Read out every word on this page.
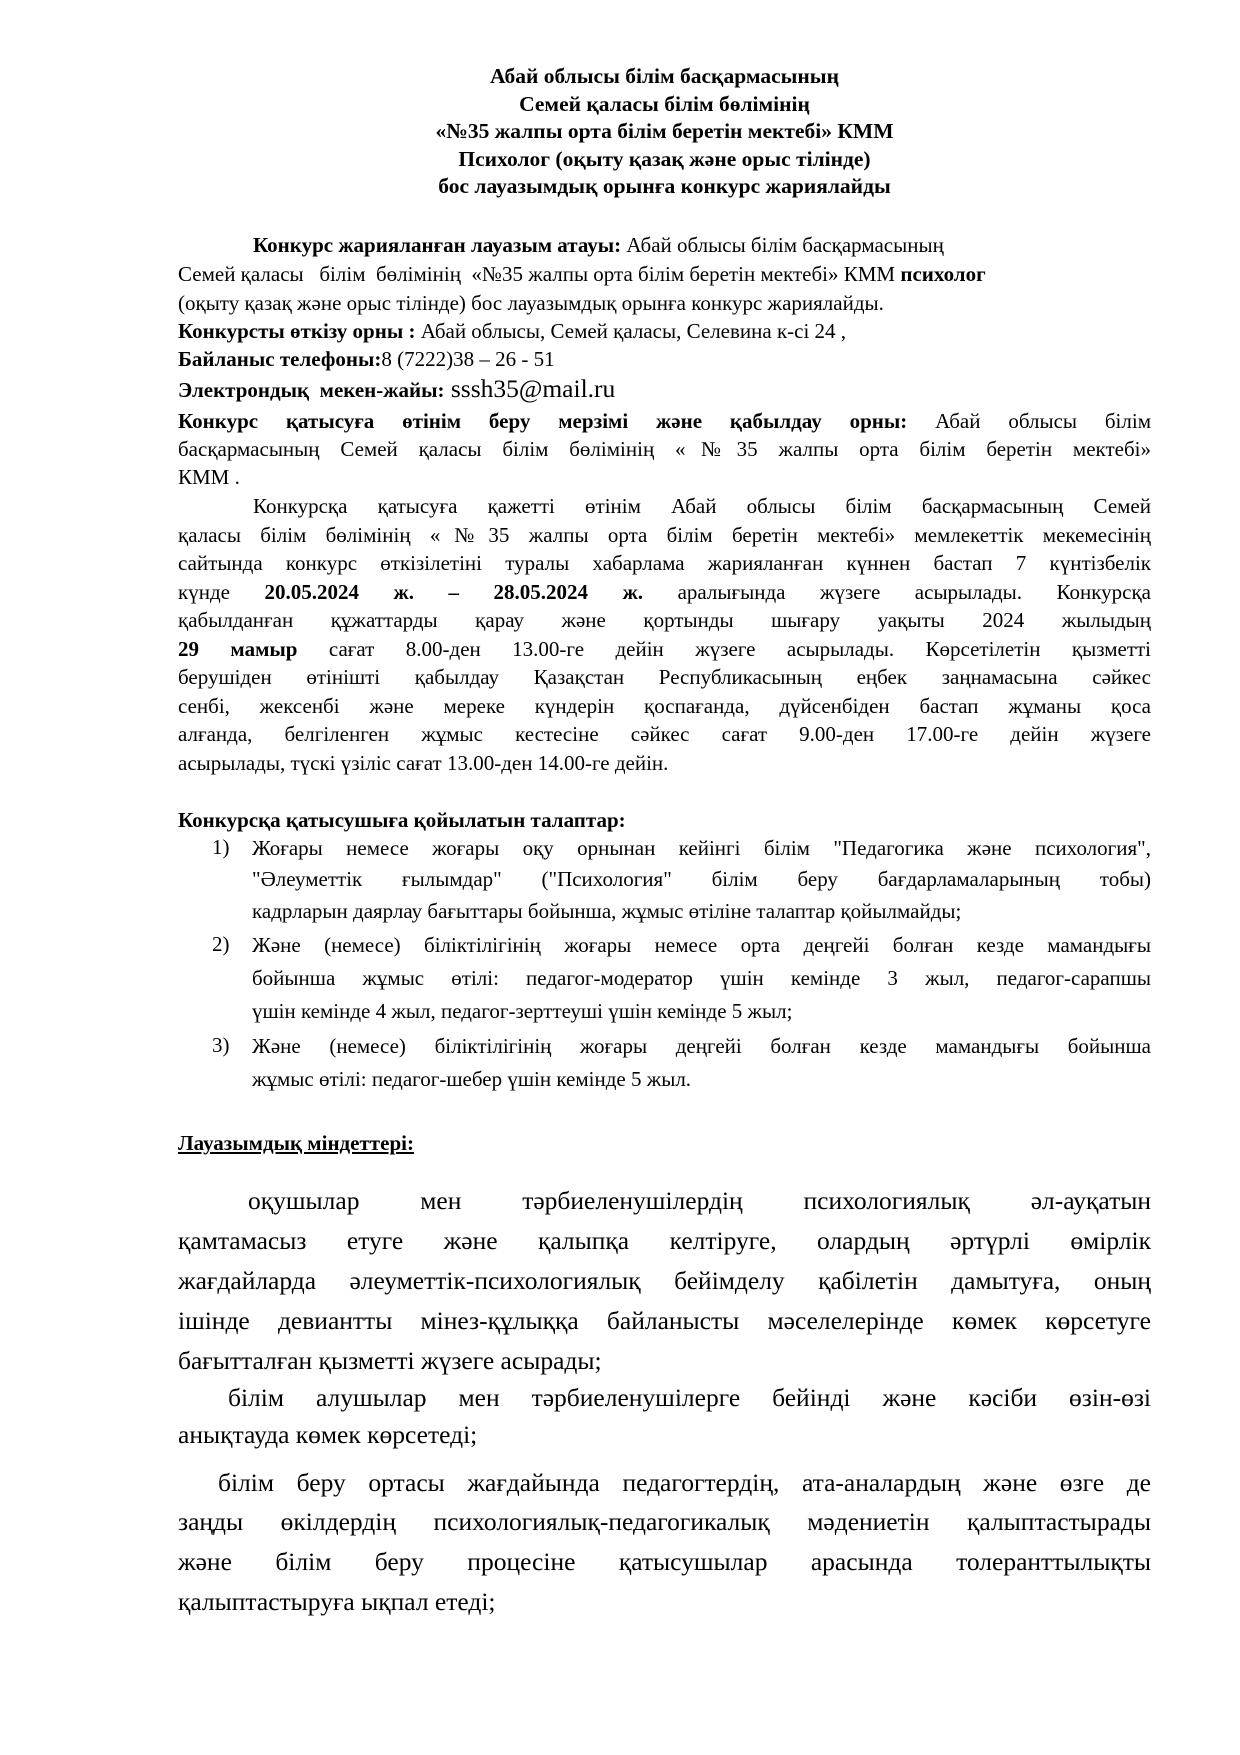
Абай облысы білім басқармасының
Семей қаласы білім бөлімінің
«№35 жалпы орта білім беретін мектебі» КММ
Психолог (оқыту қазақ және орыс тілінде)
бос лауазымдық орынға конкурс жариялайды
Конкурс жарияланған лауазым атауы: Абай облысы білім басқармасының
Семей қаласы   білім  бөлімінің  «№35 жалпы орта білім беретін мектебі» КММ психолог
(оқыту қазақ және орыс тілінде) бос лауазымдық орынға конкурс жариялайды.
Конкурсты өткізу орны : Абай облысы, Семей қаласы, Селевина к-сі 24 ,
Байланыс телефоны:8 (7222)38 – 26 - 51
Электрондық  мекен-жайы: sssh35@mail.ru
Конкурс қатысуға өтінім беру мерзімі және қабылдау орны: Абай облысы білім
басқармасының Семей қаласы білім бөлімінің «№35 жалпы орта білім беретін мектебі»
КММ .
Конкурсқа қатысуға қажетті өтінім Абай облысы білім басқармасының Семей
қаласы білім бөлімінің «№35 жалпы орта білім беретін мектебі» мемлекеттік мекемесінің
сайтында конкурс өткізілетіні туралы хабарлама жарияланған күннен бастап 7 күнтізбелік
күнде 20.05.2024 ж. – 28.05.2024 ж. аралығында жүзеге асырылады. Конкурсқа
қабылданған құжаттарды қарау және қортынды шығару уақыты 2024 жылыдың
29 мамыр сағат 8.00-ден 13.00-ге дейін жүзеге асырылады. Көрсетілетін қызметті
берушіден өтінішті қабылдау Қазақстан Республикасының еңбек заңнамасына сәйкес
сенбі, жексенбі және мереке күндерін қоспағанда, дүйсенбіден бастап жұманы қоса
алғанда, белгіленген жұмыс кестесіне сәйкес сағат 9.00-ден 17.00-ге дейін жүзеге
асырылады, түскі үзіліс сағат 13.00-ден 14.00-ге дейін.
Конкурсқа қатысушыға қойылатын талаптар:
1) Жоғары немесе жоғары оқу орнынан кейінгі білім "Педагогика және психология",
"Әлеуметтік ғылымдар" ("Психология" білім беру бағдарламаларының тобы)
кадрларын даярлау бағыттары бойынша, жұмыс өтіліне талаптар қойылмайды;
2) Және (немесе) біліктілігінің жоғары немесе орта деңгейі болған кезде мамандығы
бойынша жұмыс өтілі: педагог-модератор үшін кемінде 3 жыл, педагог-сарапшы
үшін кемінде 4 жыл, педагог-зерттеуші үшін кемінде 5 жыл;
3) Және (немесе) біліктілігінің жоғары деңгейі болған кезде мамандығы бойынша
жұмыс өтілі: педагог-шебер үшін кемінде 5 жыл.
Лауазымдық міндеттері:
оқушылар мен тәрбиеленушілердің психологиялық әл-ауқатын
қамтамасыз етуге және қалыпқа келтіруге, олардың әртүрлі өмірлік
жағдайларда әлеуметтік-психологиялық бейімделу қабілетін дамытуға, оның
ішінде девиантты мінез-құлыққа байланысты мәселелерінде көмек көрсетуге
бағытталған қызметті жүзеге асырады;
білім алушылар мен тәрбиеленушілерге бейінді және кәсіби өзін-өзі
анықтауда көмек көрсетеді;
білім беру ортасы жағдайында педагогтердің, ата-аналардың және өзге де
заңды өкілдердің психологиялық-педагогикалық мәдениетін қалыптастырады
және білім беру процесіне қатысушылар арасында толеранттылықты
қалыптастыруға ықпал етеді;
